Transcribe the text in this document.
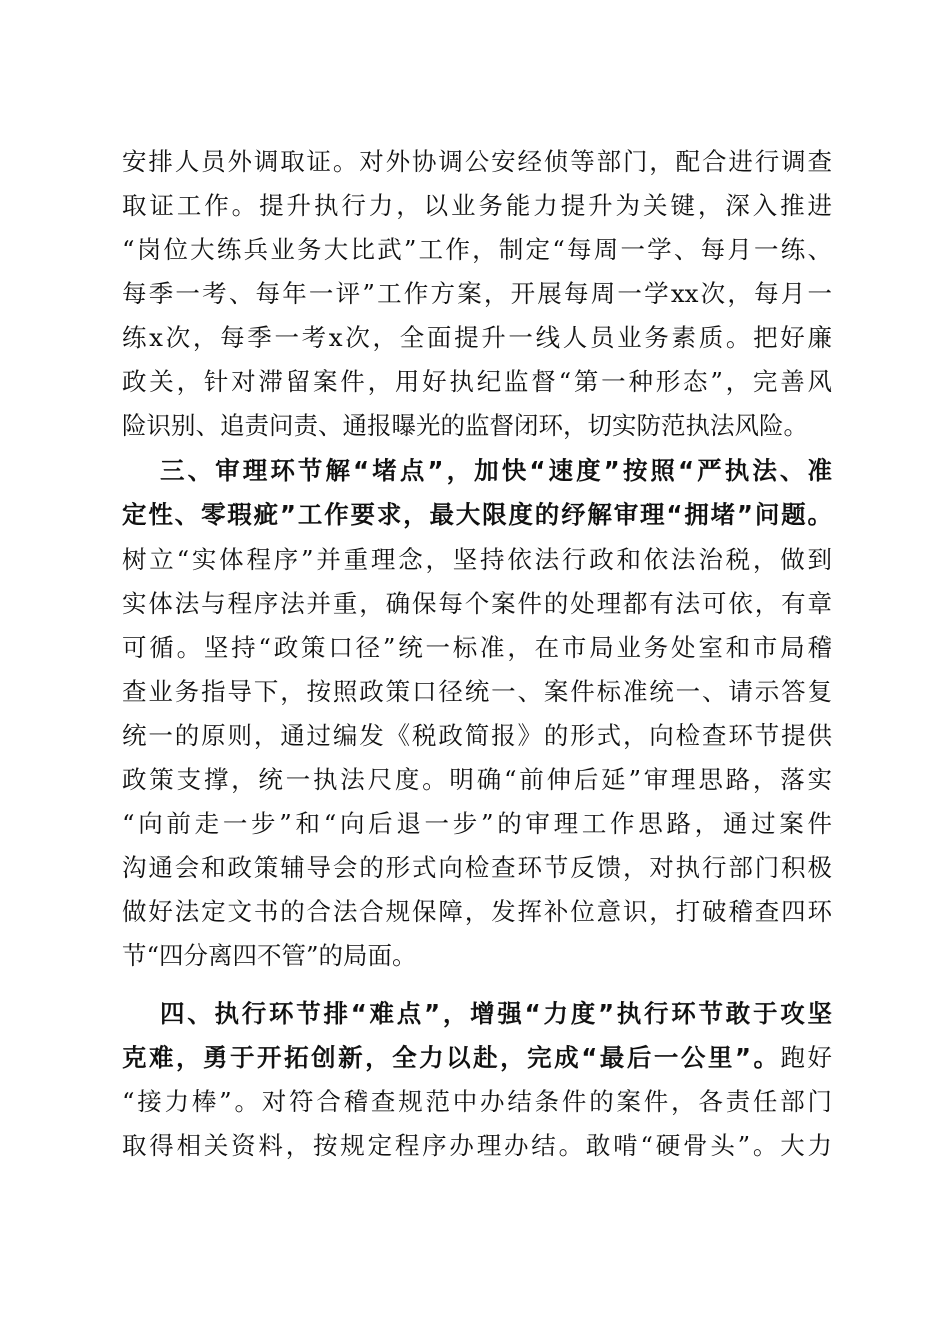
安排人员外调取证。对外协调公安经侦等部门，配合进行调查
取证工作。提升执行力，以业务能力提升为关键，深入推进
“岗位大练兵业务大比武”工作，制定“每周一学、每月一练、
每季一考、每年一评”工作方案，开展每周一学xx次，每月一
练x次，每季一考x次，全面提升一线人员业务素质。把好廉
政关，针对滞留案件，用好执纪监督“第一种形态”，完善风
险识别、追责问责、通报曝光的监督闭环，切实防范执法风险。
三、审理环节解“堵点”，加快“速度”按照“严执法、准
定性、零瑕疵”工作要求，最大限度的纾解审理“拥堵”问题。
树立“实体程序”并重理念，坚持依法行政和依法治税，做到
实体法与程序法并重，确保每个案件的处理都有法可依，有章
可循。坚持“政策口径”统一标准，在市局业务处室和市局稽
查业务指导下，按照政策口径统一、案件标准统一、请示答复
统一的原则，通过编发《税政简报》的形式，向检查环节提供
政策支撑，统一执法尺度。明确“前伸后延”审理思路，落实
“向前走一步”和“向后退一步”的审理工作思路，通过案件
沟通会和政策辅导会的形式向检查环节反馈，对执行部门积极
做好法定文书的合法合规保障，发挥补位意识，打破稽查四环
节“四分离四不管”的局面。
四、执行环节排“难点”，增强“力度”执行环节敢于攻坚
克难，勇于开拓创新，全力以赴，完成“最后一公里”。跑好
“接力棒”。对符合稽查规范中办结条件的案件，各责任部门
取得相关资料，按规定程序办理办结。敢啃“硬骨头”。大力
